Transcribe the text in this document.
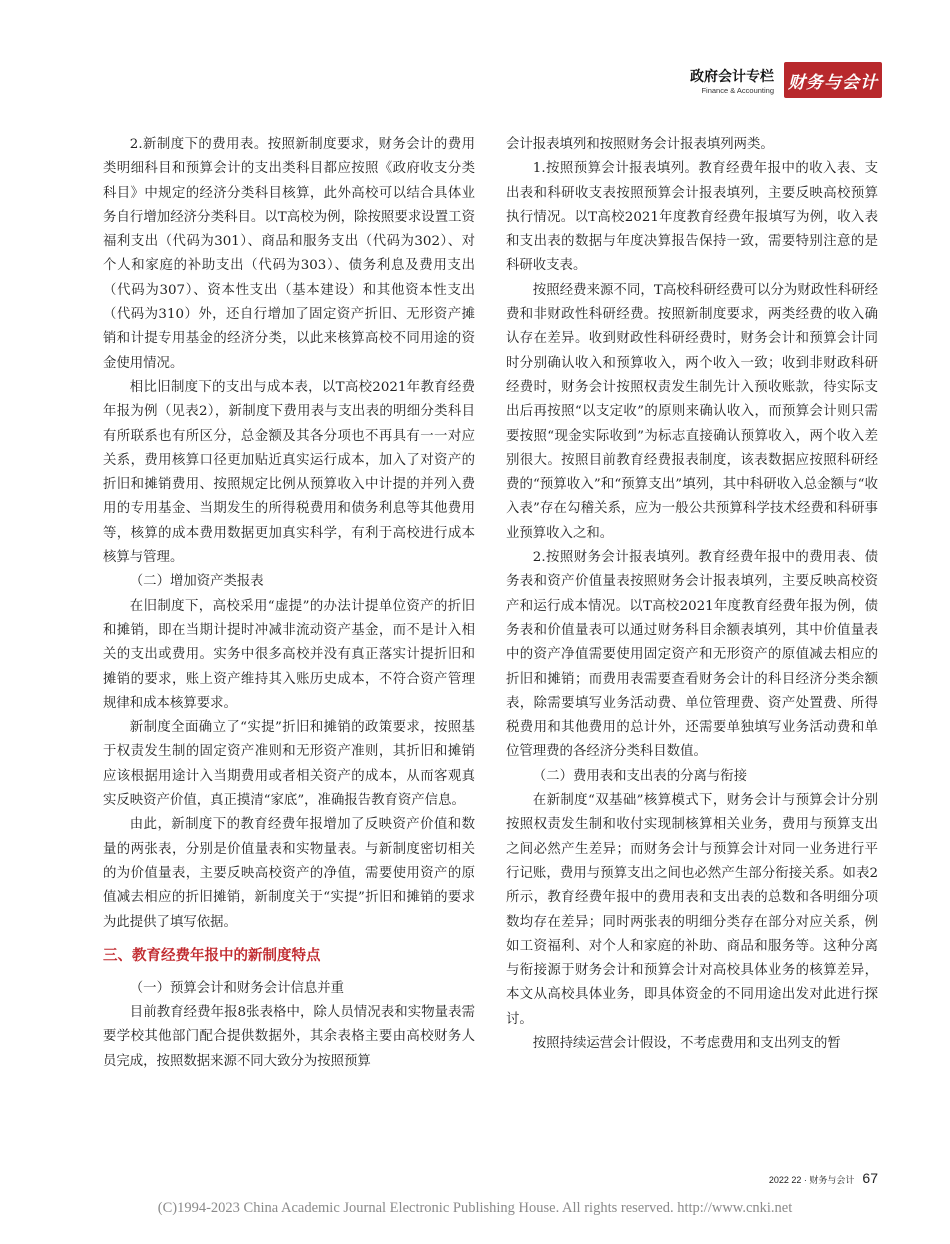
政府会计专栏
Finance & Accounting 财务与会计

2.新制度下的费用表。按照新制度要求，财务会计的费用类明细科目和预算会计的支出类科目都应按照《政府收支分类科目》中规定的经济分类科目核算，此外高校可以结合具体业务自行增加经济分类科目。以T高校为例，除按照要求设置工资福利支出（代码为301）、商品和服务支出（代码为302）、对个人和家庭的补助支出（代码为303）、债务利息及费用支出（代码为307）、资本性支出（基本建设）和其他资本性支出（代码为310）外，还自行增加了固定资产折旧、无形资产摊销和计提专用基金的经济分类，以此来核算高校不同用途的资金使用情况。

相比旧制度下的支出与成本表，以T高校2021年教育经费年报为例（见表2），新制度下费用表与支出表的明细分类科目有所联系也有所区分，总金额及其各分项也不再具有一一对应关系，费用核算口径更加贴近真实运行成本，加入了对资产的折旧和摊销费用、按照规定比例从预算收入中计提的并列入费用的专用基金、当期发生的所得税费用和债务利息等其他费用等，核算的成本费用数据更加真实科学，有利于高校进行成本核算与管理。

（二）增加资产类报表

在旧制度下，高校采用“虚提”的办法计提单位资产的折旧和摊销，即在当期计提时冲减非流动资产基金，而不是计入相关的支出或费用。实务中很多高校并没有真正落实计提折旧和摊销的要求，账上资产维持其入账历史成本，不符合资产管理规律和成本核算要求。

新制度全面确立了“实提”折旧和摊销的政策要求，按照基于权责发生制的固定资产准则和无形资产准则，其折旧和摊销应该根据用途计入当期费用或者相关资产的成本，从而客观真实反映资产价值，真正摸清“家底”，准确报告教育资产信息。

由此，新制度下的教育经费年报增加了反映资产价值和数量的两张表，分别是价值量表和实物量表。与新制度密切相关的为价值量表，主要反映高校资产的净值，需要使用资产的原值减去相应的折旧摊销，新制度关于“实提”折旧和摊销的要求为此提供了填写依据。

三、教育经费年报中的新制度特点

（一）预算会计和财务会计信息并重

目前教育经费年报8张表格中，除人员情况表和实物量表需要学校其他部门配合提供数据外，其余表格主要由高校财务人员完成，按照数据来源不同大致分为按照预算

会计报表填列和按照财务会计报表填列两类。

1.按照预算会计报表填列。教育经费年报中的收入表、支出表和科研收支表按照预算会计报表填列，主要反映高校预算执行情况。以T高校2021年度教育经费年报填写为例，收入表和支出表的数据与年度决算报告保持一致，需要特别注意的是科研收支表。

按照经费来源不同，T高校科研经费可以分为财政性科研经费和非财政性科研经费。按照新制度要求，两类经费的收入确认存在差异。收到财政性科研经费时，财务会计和预算会计同时分别确认收入和预算收入，两个收入一致；收到非财政科研经费时，财务会计按照权责发生制先计入预收账款，待实际支出后再按照“以支定收”的原则来确认收入，而预算会计则只需要按照“现金实际收到”为标志直接确认预算收入，两个收入差别很大。按照目前教育经费报表制度，该表数据应按照科研经费的“预算收入”和“预算支出”填列，其中科研收入总金额与“收入表”存在勾稽关系，应为一般公共预算科学技术经费和科研事业预算收入之和。

2.按照财务会计报表填列。教育经费年报中的费用表、债务表和资产价值量表按照财务会计报表填列，主要反映高校资产和运行成本情况。以T高校2021年度教育经费年报为例，债务表和价值量表可以通过财务科目余额表填列，其中价值量表中的资产净值需要使用固定资产和无形资产的原值减去相应的折旧和摊销；而费用表需要查看财务会计的科目经济分类余额表，除需要填写业务活动费、单位管理费、资产处置费、所得税费用和其他费用的总计外，还需要单独填写业务活动费和单位管理费的各经济分类科目数值。

（二）费用表和支出表的分离与衔接

在新制度“双基础”核算模式下，财务会计与预算会计分别按照权责发生制和收付实现制核算相关业务，费用与预算支出之间必然产生差异；而财务会计与预算会计对同一业务进行平行记账，费用与预算支出之间也必然产生部分衔接关系。如表2所示，教育经费年报中的费用表和支出表的总数和各明细分项数均存在差异；同时两张表的明细分类存在部分对应关系，例如工资福利、对个人和家庭的补助、商品和服务等。这种分离与衔接源于财务会计和预算会计对高校具体业务的核算差异，本文从高校具体业务，即具体资金的不同用途出发对此进行探讨。

按照持续运营会计假设，不考虑费用和支出列支的暂

2022 22 · 财务与会计 67
(C)1994-2023 China Academic Journal Electronic Publishing House. All rights reserved. http://www.cnki.net
